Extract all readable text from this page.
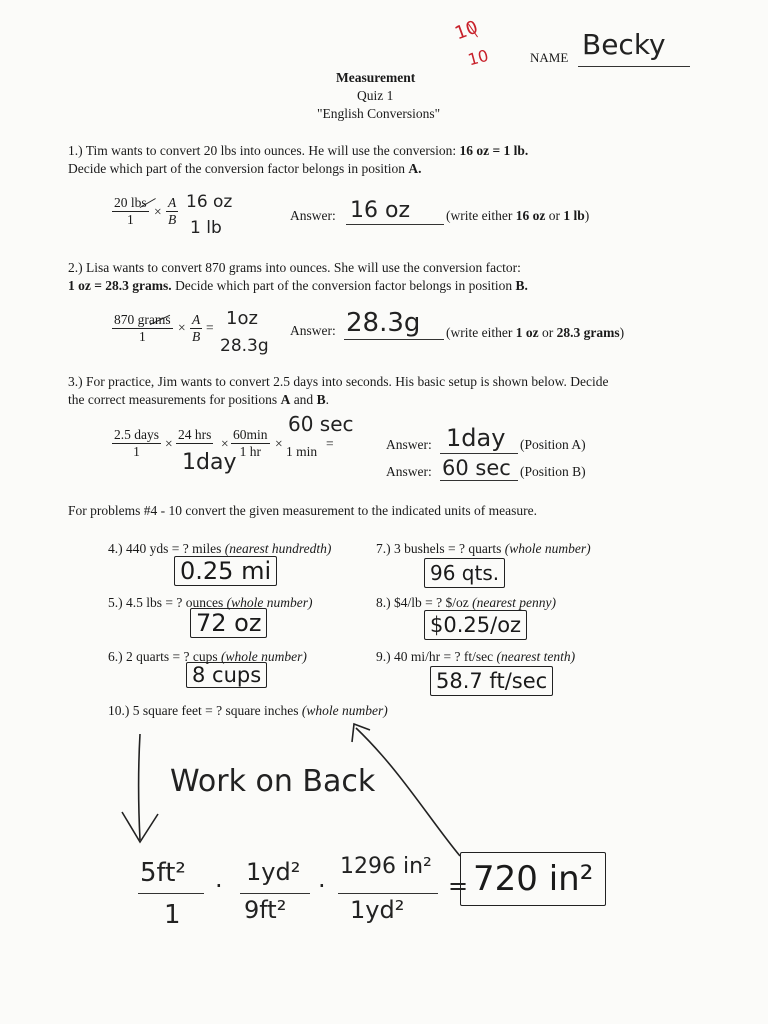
10
10	NAME Becky
Measurement
Quiz 1
"English Conversions"
1.) Tim wants to convert 20 lbs into ounces. He will use the conversion: 16 oz = 1 lb.
Decide which part of the conversion factor belongs in position A.
20 lbs
1
× $\frac{A}{B} 16$ oz
1 lb
Answer: 16 oz	(write either 16 oz or 1 lb)
2.) Lisa wants to convert 870 grams into ounces. She will use the conversion factor:
1 oz = 28.3 grams. Decide which part of the conversion factor belongs in position B.
870 grams
1
× $\frac{A}{B} = 1oz$
28.3g
Answer: 28.3g (write either 1 oz or 28.3 grams)
3.) For practice, Jim wants to convert 2.5 days into seconds. His basic setup is shown below. Decide
the correct measurements for positions A and B.
2.5 days
1
×
24 hrs
×
60min
1 hr
×
1 min
=
60 sec
1day
Answer: 1day (Position A)
Answer: 60 sec (Position B)
For problems #4 - 10 convert the given measurement to the indicated units of measure.
4.) 440 yds = ? miles (nearest hundredth)
0.25 mi
7.) 3 bushels = ? quarts (whole number)
96 qts.
5.) 4.5 lbs = ? ounces (whole number)
72 oz
8.) $4/lb = ? $/oz (nearest penny)
$0.25/oz
6.) 2 quarts = ? cups (whole number)
8 cups
9.) 40 mi/hr = ? ft/sec (nearest tenth)
58.7 ft/sec
10.) 5 square feet = ? square inches (whole number)
Work on Back
5ft²
1
· 1yd²
9ft²
·
1296 in²
1yd²
= 720 in²
